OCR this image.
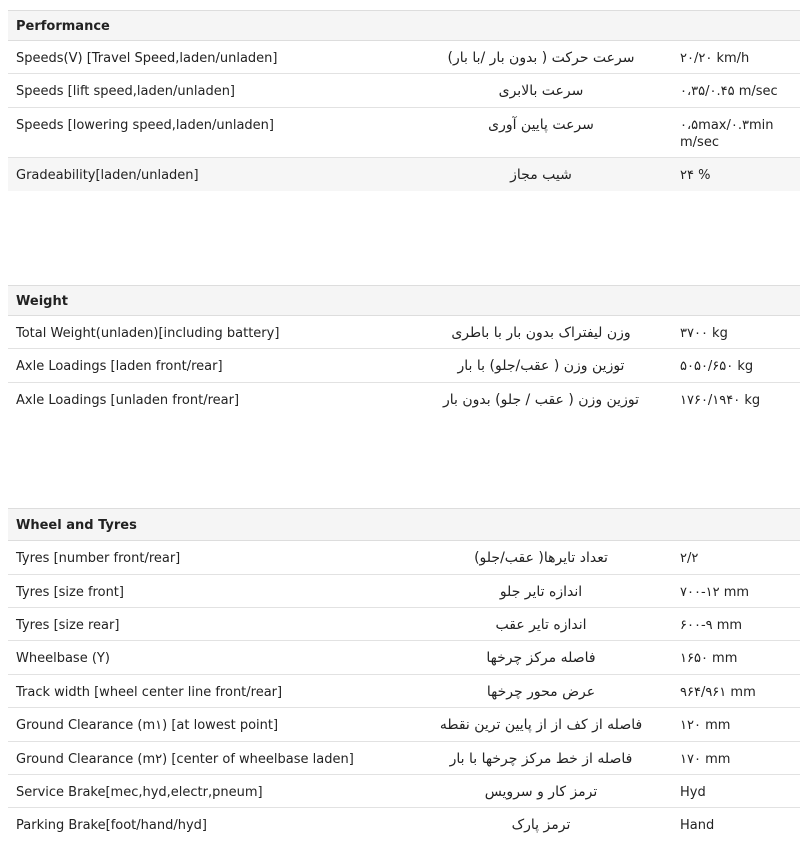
Performance
Speeds(V) [Travel Speed,laden/unladen]	سرعت حرکت ( بدون بار /با بار)	۲۰/۲۰ km/h
Speeds [lift speed,laden/unladen]	سرعت بالابری	۰،۳۵/۰.۴۵ m/sec
Speeds [lowering speed,laden/unladen]	سرعت پایین آوری	۰،۵max/۰.۳min m/sec
Gradeability[laden/unladen]	شیب مجاز	۲۴ %
Weight
Total Weight(unladen)[including battery]	وزن لیفتراک بدون بار با باطری	۳۷۰۰ kg
Axle Loadings [laden front/rear]	توزین وزن ( عقب/جلو) با بار	۵۰۵۰/۶۵۰ kg
Axle Loadings [unladen front/rear]	توزین وزن ( عقب / جلو) بدون بار	۱۷۶۰/۱۹۴۰ kg
Wheel and Tyres
Tyres [number front/rear]	تعداد تایرها( عقب/جلو)	۲/۲
Tyres [size front]	اندازه تایر جلو	۷۰۰-۱۲ mm
Tyres [size rear]	اندازه تایر عقب	۶۰۰-۹ mm
Wheelbase (Y)	فاصله مرکز چرخها	۱۶۵۰ mm
Track width [wheel center line front/rear]	عرض محور چرخها	۹۶۴/۹۶۱ mm
Ground Clearance (m۱) [at lowest point]	فاصله از کف از از پایین ترین نقطه	۱۲۰ mm
Ground Clearance (m۲) [center of wheelbase laden]	فاصله از خط مرکز چرخها با بار	۱۷۰ mm
Service Brake[mec,hyd,electr,pneum]	ترمز کار و سرویس	Hyd
Parking Brake[foot/hand/hyd]	ترمز پارک	Hand
